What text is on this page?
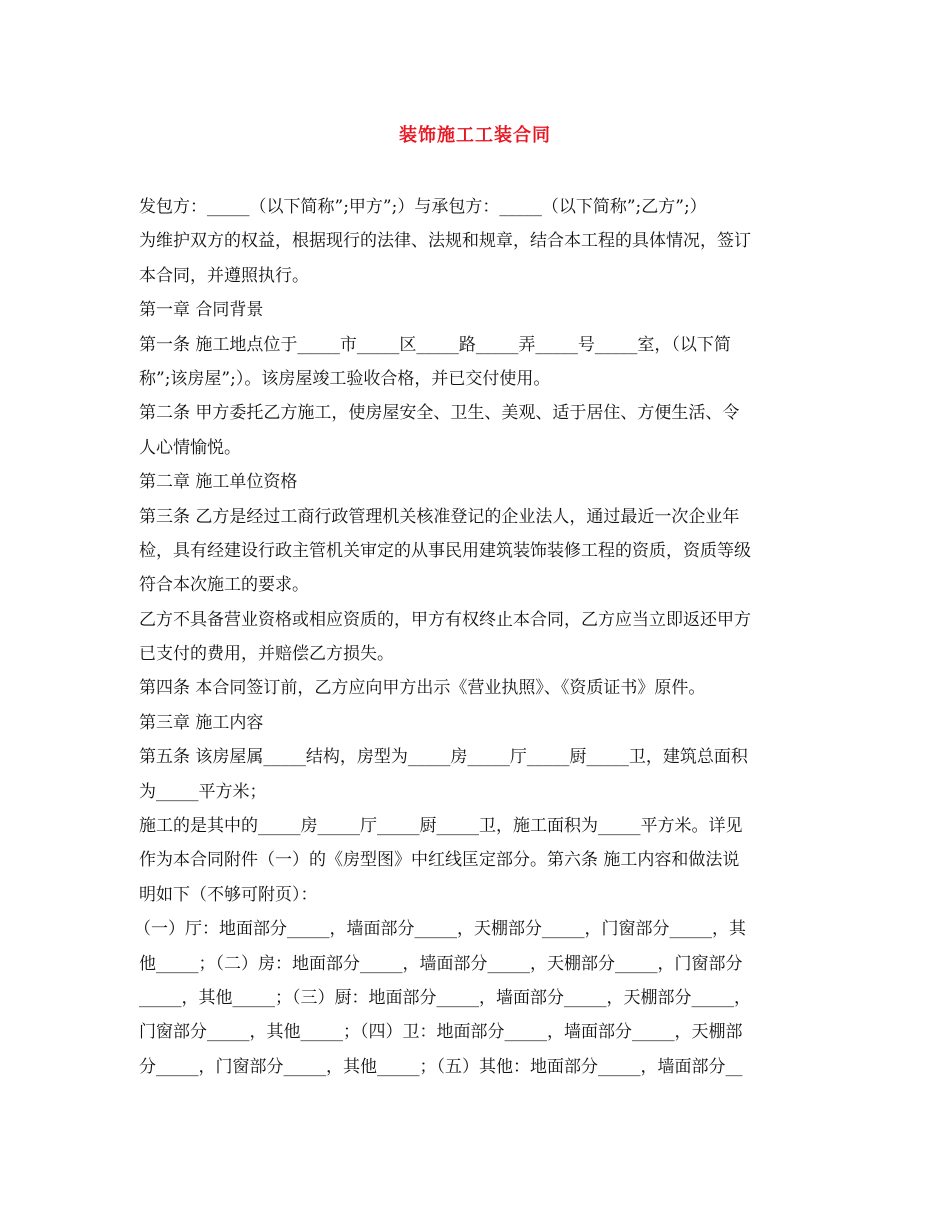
装饰施工工装合同
发包方：_____（以下简称”;甲方”;）与承包方：_____（以下简称”;乙方”;）
为维护双方的权益，根据现行的法律、法规和规章，结合本工程的具体情况，签订
本合同，并遵照执行。
第一章 合同背景
第一条 施工地点位于_____市_____区_____路_____弄_____号_____室，（以下简
称”;该房屋”;）。该房屋竣工验收合格，并已交付使用。
第二条 甲方委托乙方施工，使房屋安全、卫生、美观、适于居住、方便生活、令
人心情愉悦。
第二章 施工单位资格
第三条 乙方是经过工商行政管理机关核准登记的企业法人，通过最近一次企业年
检，具有经建设行政主管机关审定的从事民用建筑装饰装修工程的资质，资质等级
符合本次施工的要求。
乙方不具备营业资格或相应资质的，甲方有权终止本合同，乙方应当立即返还甲方
已支付的费用，并赔偿乙方损失。
第四条 本合同签订前，乙方应向甲方出示《营业执照》、《资质证书》原件。
第三章 施工内容
第五条 该房屋属_____结构，房型为_____房_____厅_____厨_____卫，建筑总面积
为_____平方米；
施工的是其中的_____房_____厅_____厨_____卫，施工面积为_____平方米。详见
作为本合同附件（一）的《房型图》中红线匡定部分。第六条 施工内容和做法说
明如下（不够可附页）：
（一）厅：地面部分_____，墙面部分_____，天棚部分_____，门窗部分_____，其
他_____；（二）房：地面部分_____，墙面部分_____，天棚部分_____，门窗部分
_____，其他_____；（三）厨：地面部分_____，墙面部分_____，天棚部分_____，
门窗部分_____，其他_____；（四）卫：地面部分_____，墙面部分_____，天棚部
分_____，门窗部分_____，其他_____；（五）其他：地面部分_____，墙面部分__
